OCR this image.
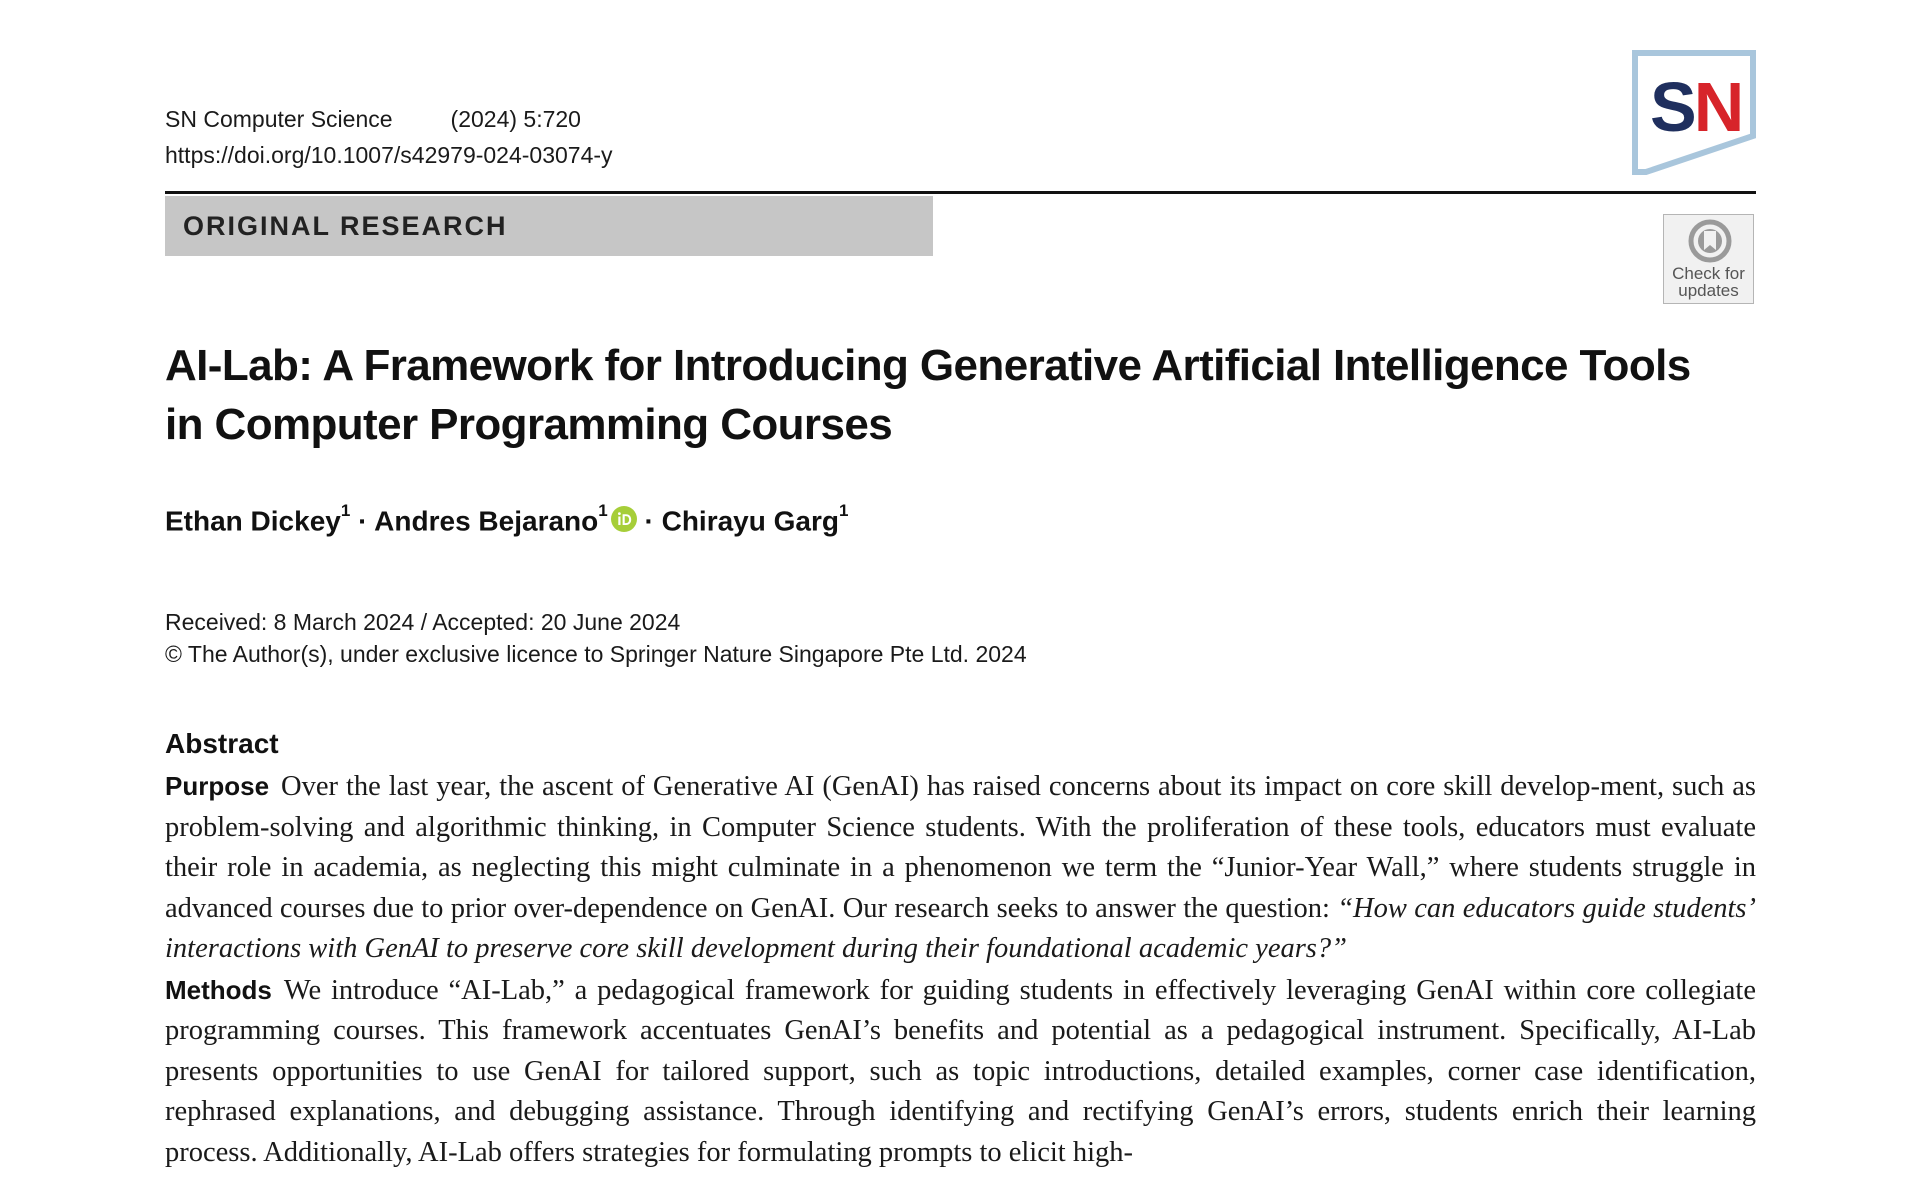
SN Computer Science	(2024) 5:720
https://doi.org/10.1007/s42979-024-03074-y
SN
ORIGINAL RESEARCH
Check for
updates
AI-Lab: A Framework for Introducing Generative Artificial Intelligence Tools in Computer Programming Courses
Ethan Dickey$^1$ · Andres Bejarano$^1$ · Chirayu Garg$^1$
Received: 8 March 2024 / Accepted: 20 June 2024
© The Author(s), under exclusive licence to Springer Nature Singapore Pte Ltd. 2024
Abstract

Purpose Over the last year, the ascent of Generative AI (GenAI) has raised concerns about its impact on core skill develop-ment, such as problem-solving and algorithmic thinking, in Computer Science students. With the proliferation of these tools, educators must evaluate their role in academia, as neglecting this might culminate in a phenomenon we term the “Junior-Year Wall,” where students struggle in advanced courses due to prior over-dependence on GenAI. Our research seeks to answer the question: “How can educators guide students’ interactions with GenAI to preserve core skill development during their foundational academic years?”

Methods We introduce “AI-Lab,” a pedagogical framework for guiding students in effectively leveraging GenAI within core collegiate programming courses. This framework accentuates GenAI’s benefits and potential as a pedagogical instrument. Specifically, AI-Lab presents opportunities to use GenAI for tailored support, such as topic introductions, detailed examples, corner case identification, rephrased explanations, and debugging assistance. Through identifying and rectifying GenAI’s errors, students enrich their learning process. Additionally, AI-Lab offers strategies for formulating prompts to elicit high-
